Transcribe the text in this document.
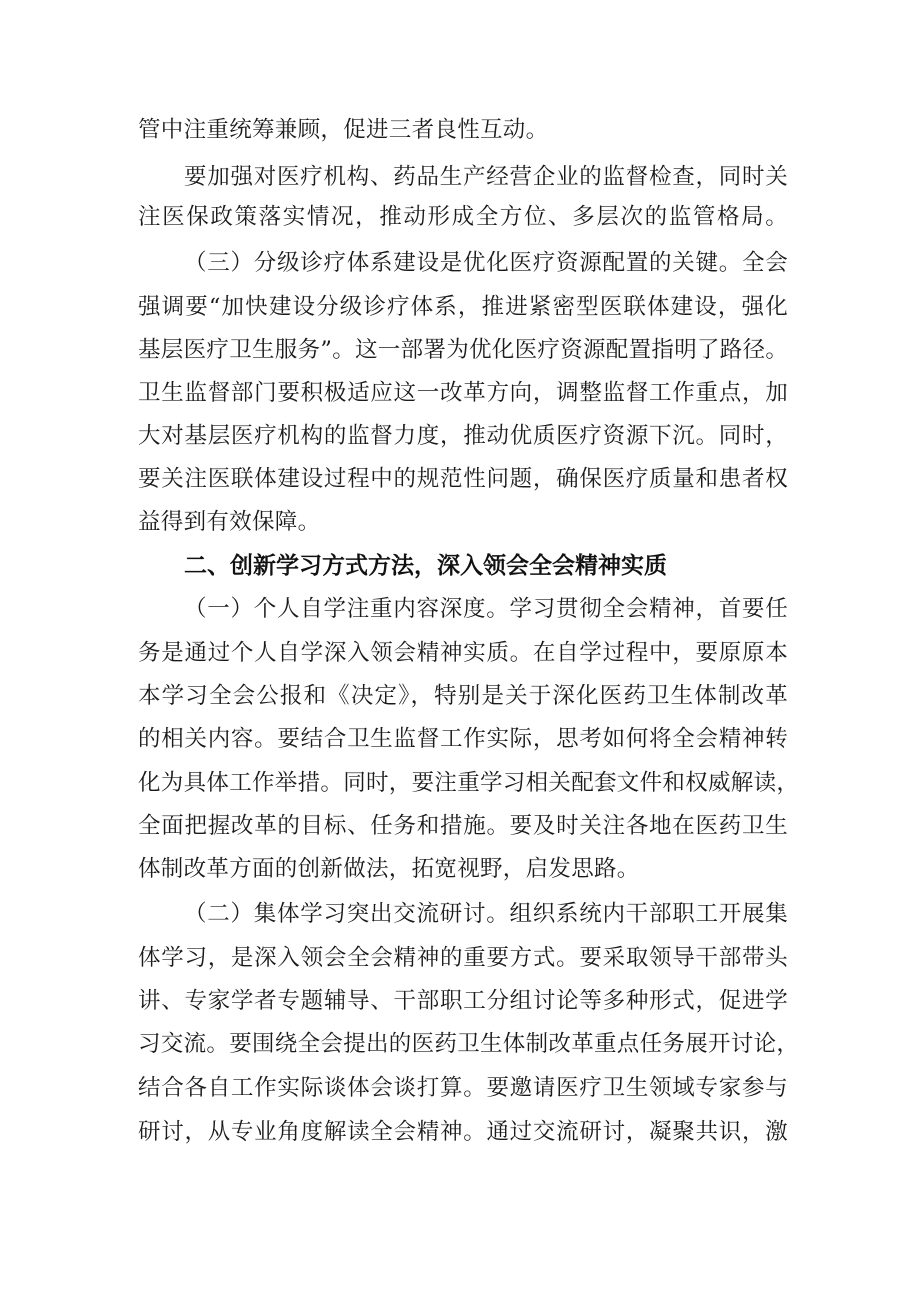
管中注重统筹兼顾，促进三者良性互动。
要加强对医疗机构、药品生产经营企业的监督检查，同时关
注医保政策落实情况，推动形成全方位、多层次的监管格局。
（三）分级诊疗体系建设是优化医疗资源配置的关键。全会
强调要“加快建设分级诊疗体系，推进紧密型医联体建设，强化
基层医疗卫生服务”。这一部署为优化医疗资源配置指明了路径。
卫生监督部门要积极适应这一改革方向，调整监督工作重点，加
大对基层医疗机构的监督力度，推动优质医疗资源下沉。同时，
要关注医联体建设过程中的规范性问题，确保医疗质量和患者权
益得到有效保障。
二、创新学习方式方法，深入领会全会精神实质
（一）个人自学注重内容深度。学习贯彻全会精神，首要任
务是通过个人自学深入领会精神实质。在自学过程中，要原原本
本学习全会公报和《决定》，特别是关于深化医药卫生体制改革
的相关内容。要结合卫生监督工作实际，思考如何将全会精神转
化为具体工作举措。同时，要注重学习相关配套文件和权威解读，
全面把握改革的目标、任务和措施。要及时关注各地在医药卫生
体制改革方面的创新做法，拓宽视野，启发思路。
（二）集体学习突出交流研讨。组织系统内干部职工开展集
体学习，是深入领会全会精神的重要方式。要采取领导干部带头
讲、专家学者专题辅导、干部职工分组讨论等多种形式，促进学
习交流。要围绕全会提出的医药卫生体制改革重点任务展开讨论，
结合各自工作实际谈体会谈打算。要邀请医疗卫生领域专家参与
研讨，从专业角度解读全会精神。通过交流研讨，凝聚共识，激
